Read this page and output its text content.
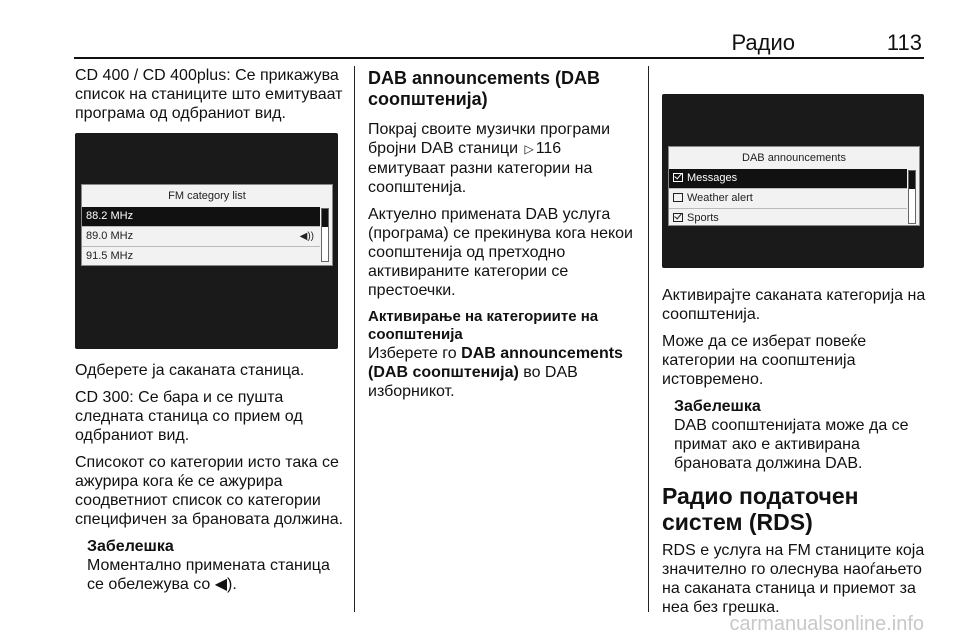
Радио	113

CD 400 / CD 400plus: Се прикажува список на станиците што емитуваат програма од одбраниот вид.

FM category list
88.2 MHz
89.0 MHz	◀))
91.5 MHz

Одберете ја саканата станица.

CD 300: Се бара и се пушта следната станица со прием од одбраниот вид.

Списокот со категории исто така се ажурира кога ќе се ажурира соодветниот список со категории специфичен за брановата должина.

Забелешка
Моментално примената станица се обележува со ◀).
DAB announcements (DAB соопштенија)

Покрај своите музички програми бројни DAB станици ▷ 116 емитуваат разни категории на соопштенија.

Актуелно примената DAB услуга (програма) се прекинува кога некои соопштенија од претходно активираните категории се престоечки.

Активирање на категориите на соопштенија

Изберете го DAB announcements (DAB соопштенија) во DAB изборникот.

DAB announcements
Messages
Weather alert
Sports

Активирајте саканата категорија на соопштенија.

Може да се изберат повеќе категории на соопштенија истовремено.

Забелешка
DAB соопштенијата може да се примат ако е активирана брановата должина DAB.
Радио податочен систем (RDS)

RDS е услуга на FM станиците која значително го олеснува наоѓањето на саканата станица и приемот за неа без грешка.

carmanualsonline.info
